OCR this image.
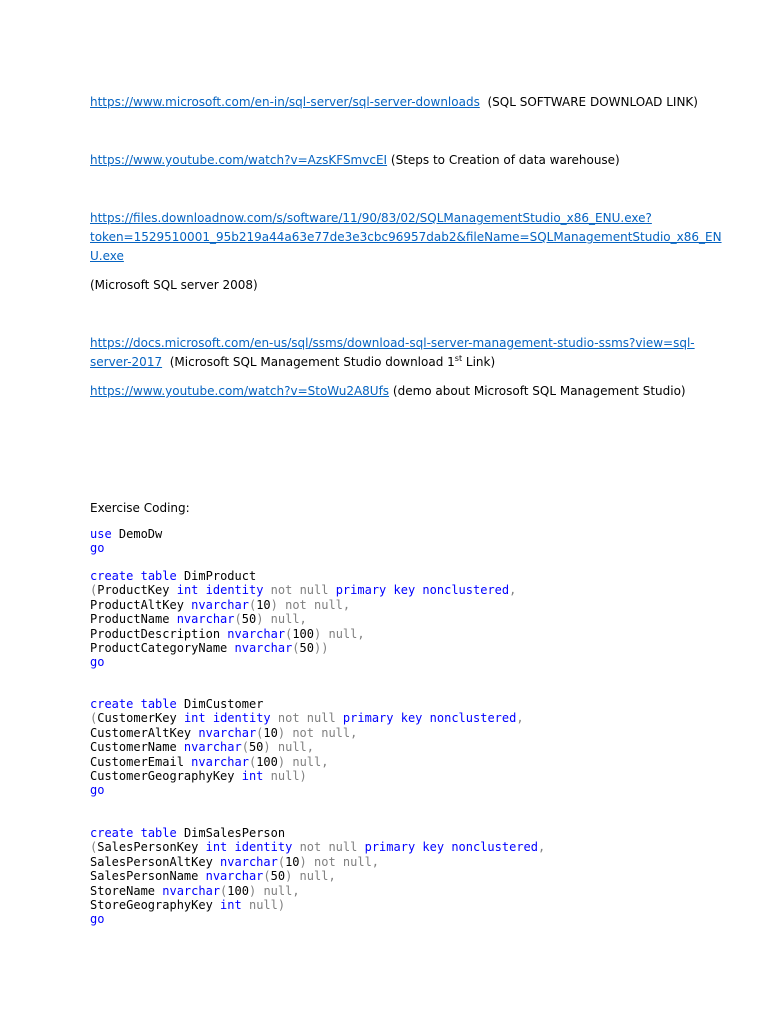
https://www.microsoft.com/en-in/sql-server/sql-server-downloads (SQL SOFTWARE DOWNLOAD LINK)
https://www.youtube.com/watch?v=AzsKFSmvcEI (Steps to Creation of data warehouse)
https://files.downloadnow.com/s/software/11/90/83/02/SQLManagementStudio_x86_ENU.exe?
token=1529510001_95b219a44a63e77de3e3cbc96957dab2&fileName=SQLManagementStudio_x86_EN
U.exe
(Microsoft SQL server 2008)
https://docs.microsoft.com/en-us/sql/ssms/download-sql-server-management-studio-ssms?view=sql-
server-2017 (Microsoft SQL Management Studio download 1st Link)
https://www.youtube.com/watch?v=StoWu2A8Ufs (demo about Microsoft SQL Management Studio)
Exercise Coding:
use DemoDw
go
create table DimProduct
(ProductKey int identity not null primary key nonclustered,
ProductAltKey nvarchar(10) not null,
ProductName nvarchar(50) null,
ProductDescription nvarchar(100) null,
ProductCategoryName nvarchar(50))
go
create table DimCustomer
(CustomerKey int identity not null primary key nonclustered,
CustomerAltKey nvarchar(10) not null,
CustomerName nvarchar(50) null,
CustomerEmail nvarchar(100) null,
CustomerGeographyKey int null)
go
create table DimSalesPerson
(SalesPersonKey int identity not null primary key nonclustered,
SalesPersonAltKey nvarchar(10) not null,
SalesPersonName nvarchar(50) null,
StoreName nvarchar(100) null,
StoreGeographyKey int null)
go
